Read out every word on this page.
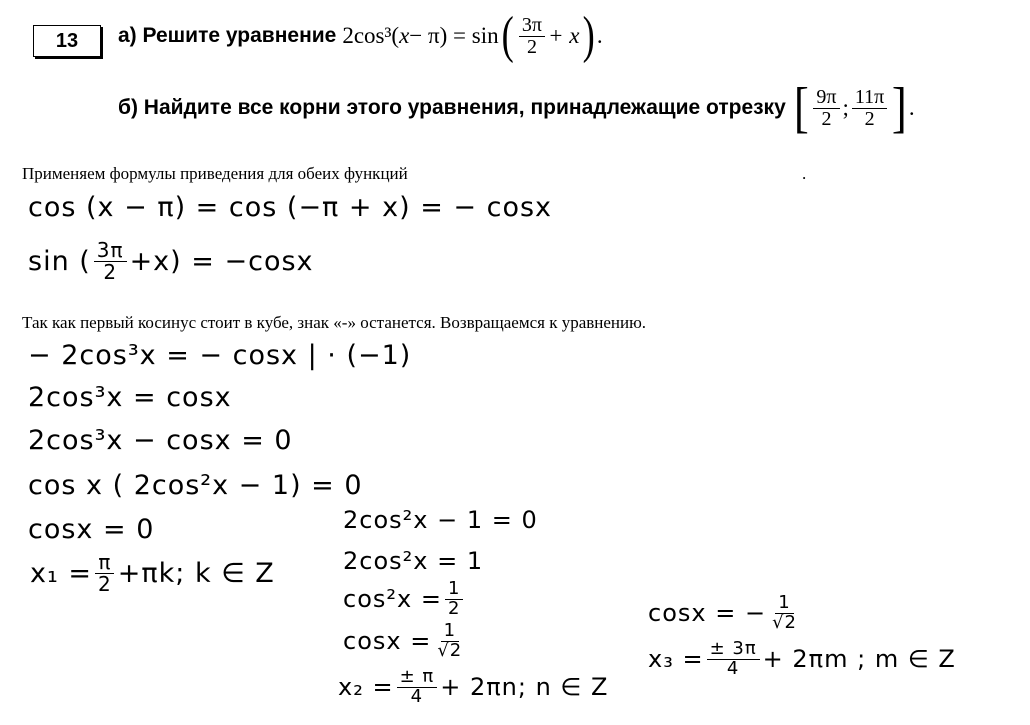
13 а) Решите уравнение 2cos³( x − π) = sin ( $\frac{3\pi}{2} + x$ ) .
б) Найдите все корни этого уравнения, принадлежащие отрезку [ $\frac{9\pi}{2}$ ; $\frac{11\pi}{2}$ ] .
Применяем формулы приведения для обеих функций	.
cos (x − π) = cos (−π + x) = − cosx
sin ( $\frac{3\pi}{2} +x) = -\cos x$
Так как первый косинус стоит в кубе, знак «-» останется. Возвращаемся к уравнению.
− 2cos³x = − cosx | · (−1)
2cos³x = cosx
2cos³x − cosx = 0
cos x ( 2cos²x − 1) = 0
cosx = 0
$x_1 = \frac{\pi}{2} +\pi k$; k ∈ Z
2cos²x − 1 = 0
2cos²x = 1
$\cos^2x = \frac{1}{2}$
$\cos x = \frac{1}{√2}$
$x_2 = \frac{\pm \pi}{4} + 2\pi n$; n ∈ Z
cosx = − $\frac{1}{√2}$
$x_3 = \frac{\pm 3\pi}{4} + 2\pi m$ ; m ∈ Z
